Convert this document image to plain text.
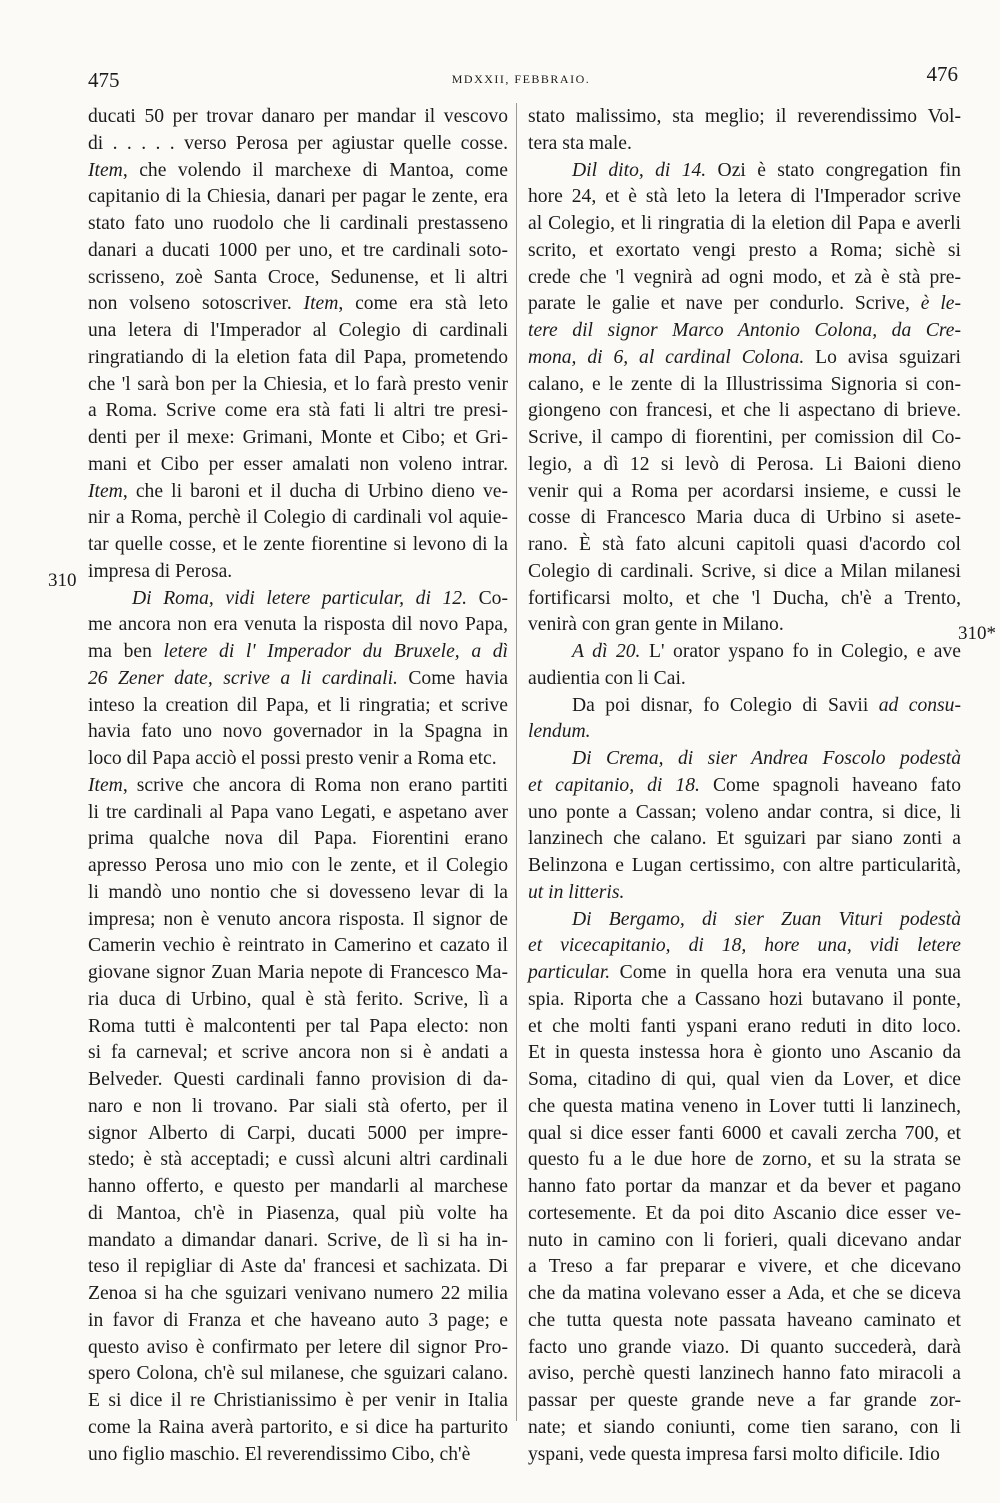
475	MDXXII, FEBBRAIO.	476
310
310*
ducati 50 per trovar danaro per mandar il vescovo
di . . . . . verso Perosa per agiustar quelle cosse.
Item, che volendo il marchexe di Mantoa, come
capitanio di la Chiesia, danari per pagar le zente, era
stato fato uno ruodolo che li cardinali prestasseno
danari a ducati 1000 per uno, et tre cardinali soto-
scrisseno, zoè Santa Croce, Sedunense, et li altri
non volseno sotoscriver. Item, come era stà leto
una letera di l'Imperador al Colegio di cardinali
ringratiando di la eletion fata dil Papa, prometendo
che 'l sarà bon per la Chiesia, et lo farà presto venir
a Roma. Scrive come era stà fati li altri tre presi-
denti per il mexe: Grimani, Monte et Cibo; et Gri-
mani et Cibo per esser amalati non voleno intrar.
Item, che li baroni et il ducha di Urbino dieno ve-
nir a Roma, perchè il Colegio di cardinali vol aquie-
tar quelle cosse, et le zente fiorentine si levono di la
impresa di Perosa.
Di Roma, vidi letere particular, di 12. Co-
me ancora non era venuta la risposta dil novo Papa,
ma ben letere di l' Imperador du Bruxele, a dì
26 Zener date, scrive a li cardinali. Come havia
inteso la creation dil Papa, et li ringratia; et scrive
havia fato uno novo governador in la Spagna in
loco dil Papa acciò el possi presto venir a Roma etc.
Item, scrive che ancora di Roma non erano partiti
li tre cardinali al Papa vano Legati, e aspetano aver
prima qualche nova dil Papa. Fiorentini erano
apresso Perosa uno mio con le zente, et il Colegio
li mandò uno nontio che si dovesseno levar di la
impresa; non è venuto ancora risposta. Il signor de
Camerin vechio è reintrato in Camerino et cazato il
giovane signor Zuan Maria nepote di Francesco Ma-
ria duca di Urbino, qual è stà ferito. Scrive, lì a
Roma tutti è malcontenti per tal Papa electo: non
si fa carneval; et scrive ancora non si è andati a
Belveder. Questi cardinali fanno provision di da-
naro e non li trovano. Par siali stà oferto, per il
signor Alberto di Carpi, ducati 5000 per impre-
stedo; è stà acceptadi; e cussì alcuni altri cardinali
hanno offerto, e questo per mandarli al marchese
di Mantoa, ch'è in Piasenza, qual più volte ha
mandato a dimandar danari. Scrive, de lì si ha in-
teso il repigliar di Aste da' francesi et sachizata. Di
Zenoa si ha che sguizari venivano numero 22 milia
in favor di Franza et che haveano auto 3 page; e
questo aviso è confirmato per letere dil signor Pro-
spero Colona, ch'è sul milanese, che sguizari calano.
E si dice il re Christianissimo è per venir in Italia
come la Raina averà partorito, e si dice ha parturito
uno figlio maschio. El reverendissimo Cibo, ch'è
stato malissimo, sta meglio; il reverendissimo Vol-
tera sta male.
Dil dito, di 14. Ozi è stato congregation fin
hore 24, et è stà leto la letera di l'Imperador scrive
al Colegio, et li ringratia di la eletion dil Papa e averli
scrito, et exortato vengi presto a Roma; sichè si
crede che 'l vegnirà ad ogni modo, et zà è stà pre-
parate le galie et nave per condurlo. Scrive, è le-
tere dil signor Marco Antonio Colona, da Cre-
mona, di 6, al cardinal Colona. Lo avisa sguizari
calano, e le zente di la Illustrissima Signoria si con-
giongeno con francesi, et che li aspectano di brieve.
Scrive, il campo di fiorentini, per comission dil Co-
legio, a dì 12 si levò di Perosa. Li Baioni dieno
venir qui a Roma per acordarsi insieme, e cussi le
cosse di Francesco Maria duca di Urbino si asete-
rano. È stà fato alcuni capitoli quasi d'acordo col
Colegio di cardinali. Scrive, si dice a Milan milanesi
fortificarsi molto, et che 'l Ducha, ch'è a Trento,
venirà con gran gente in Milano.
A dì 20. L' orator yspano fo in Colegio, e ave
audientia con li Cai.
Da poi disnar, fo Colegio di Savii ad consu-
lendum.
Di Crema, di sier Andrea Foscolo podestà
et capitanio, di 18. Come spagnoli haveano fato
uno ponte a Cassan; voleno andar contra, si dice, li
lanzinech che calano. Et sguizari par siano zonti a
Belinzona e Lugan certissimo, con altre particularità,
ut in litteris.
Di Bergamo, di sier Zuan Vituri podestà
et vicecapitanio, di 18, hore una, vidi letere
particular. Come in quella hora era venuta una sua
spia. Riporta che a Cassano hozi butavano il ponte,
et che molti fanti yspani erano reduti in dito loco.
Et in questa instessa hora è gionto uno Ascanio da
Soma, citadino di qui, qual vien da Lover, et dice
che questa matina veneno in Lover tutti li lanzinech,
qual si dice esser fanti 6000 et cavali zercha 700, et
questo fu a le due hore de zorno, et su la strata se
hanno fato portar da manzar et da bever et pagano
cortesemente. Et da poi dito Ascanio dice esser ve-
nuto in camino con li forieri, quali dicevano andar
a Treso a far preparar e vivere, et che dicevano
che da matina volevano esser a Ada, et che se diceva
che tutta questa note passata haveano caminato et
facto uno grande viazo. Di quanto succederà, darà
aviso, perchè questi lanzinech hanno fato miracoli a
passar per queste grande neve a far grande zor-
nate; et siando coniunti, come tien sarano, con li
yspani, vede questa impresa farsi molto dificile. Idio
